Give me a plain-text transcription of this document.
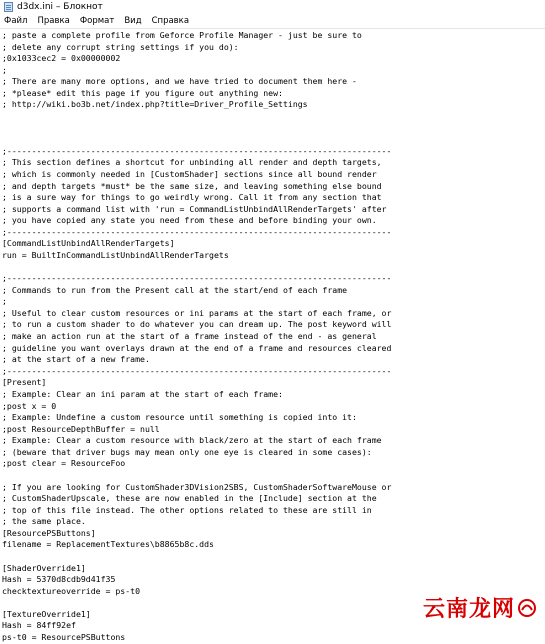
d3dx.ini – Блокнот
Файл	Правка	Формат	Вид	Справка
; paste a complete profile from Geforce Profile Manager - just be sure to
; delete any corrupt string settings if you do):
;0x1033cec2 = 0x00000002
;
; There are many more options, and we have tried to document them here -
; *please* edit this page if you figure out anything new:
; http://wiki.bo3b.net/index.php?title=Driver_Profile_Settings
;------------------------------------------------------------------------------
; This section defines a shortcut for unbinding all render and depth targets,
; which is commonly needed in [CustomShader] sections since all bound render
; and depth targets *must* be the same size, and leaving something else bound
; is a sure way for things to go weirdly wrong. Call it from any section that
; supports a command list with 'run = CommandListUnbindAllRenderTargets' after
; you have copied any state you need from these and before binding your own.
;------------------------------------------------------------------------------
[CommandListUnbindAllRenderTargets]
run = BuiltInCommandListUnbindAllRenderTargets
;------------------------------------------------------------------------------
; Commands to run from the Present call at the start/end of each frame
;
; Useful to clear custom resources or ini params at the start of each frame, or
; to run a custom shader to do whatever you can dream up. The post keyword will
; make an action run at the start of a frame instead of the end - as general
; guideline you want overlays drawn at the end of a frame and resources cleared
; at the start of a new frame.
;------------------------------------------------------------------------------
[Present]
; Example: Clear an ini param at the start of each frame:
;post x = 0
; Example: Undefine a custom resource until something is copied into it:
;post ResourceDepthBuffer = null
; Example: Clear a custom resource with black/zero at the start of each frame
; (beware that driver bugs may mean only one eye is cleared in some cases):
;post clear = ResourceFoo
; If you are looking for CustomShader3DVision2SBS, CustomShaderSoftwareMouse or
; CustomShaderUpscale, these are now enabled in the [Include] section at the
; top of this file instead. The other options related to these are still in
; the same place.
[ResourcePSButtons]
filename = ReplacementTextures\b8865b8c.dds
[ShaderOverride1]
Hash = 5370d8cdb9d41f35
checktextureoverride = ps-t0
[TextureOverride1]
Hash = 84ff92ef
ps-t0 = ResourcePSButtons
云南龙网
